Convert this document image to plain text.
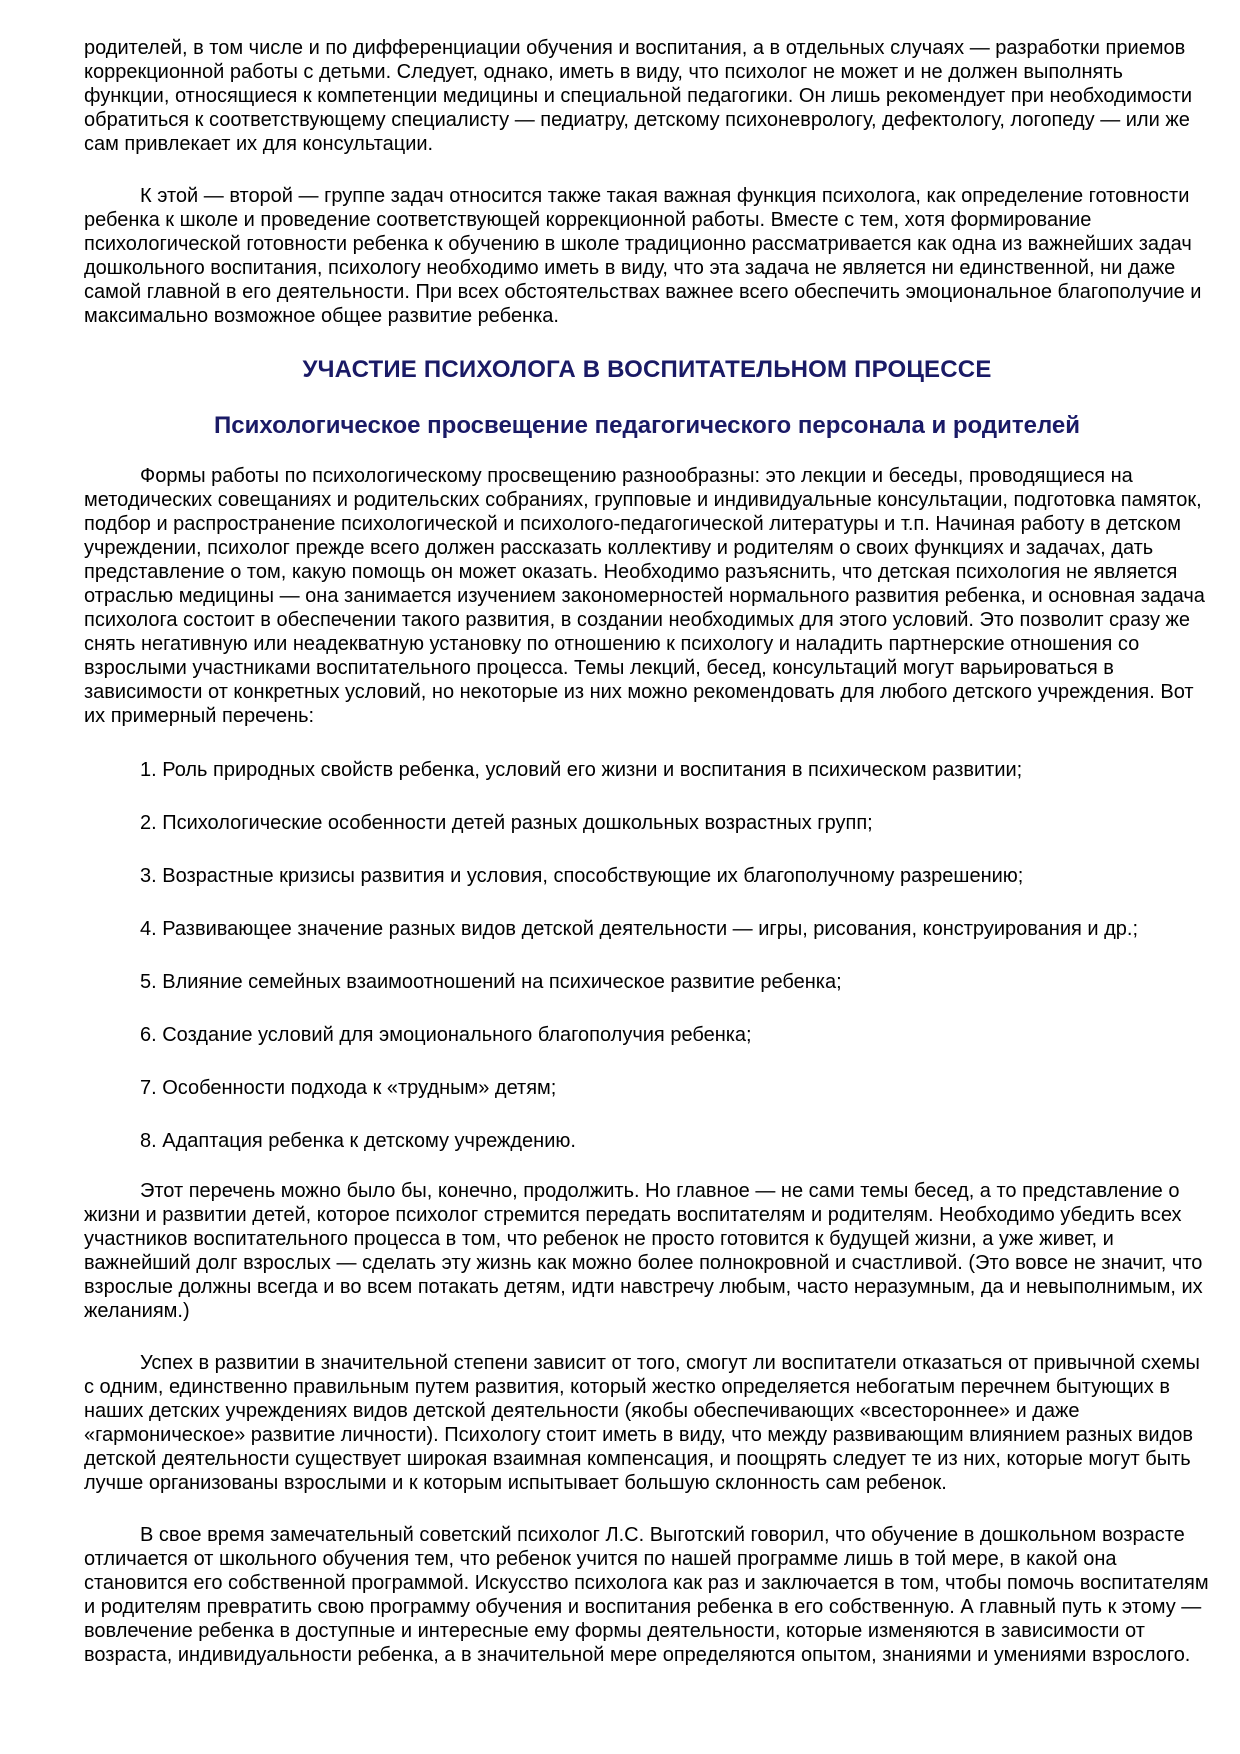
родителей, в том числе и по дифференциации обучения и воспитания, а в отдельных случаях — разработки приемов коррекционной работы с детьми. Следует, однако, иметь в виду, что психолог не может и не должен выполнять функции, относящиеся к компетенции медицины и специальной педагогики. Он лишь рекомендует при необходимости обратиться к соответствующему специалисту — педиатру, детскому психоневрологу, дефектологу, логопеду — или же сам привлекает их для консультации.

К этой — второй — группе задач относится также такая важная функция психолога, как определение готовности ребенка к школе и проведение соответствующей коррекционной работы. Вместе с тем, хотя формирование психологической готовности ребенка к обучению в школе традиционно рассматривается как одна из важнейших задач дошкольного воспитания, психологу необходимо иметь в виду, что эта задача не является ни единственной, ни даже самой главной в его деятельности. При всех обстоятельствах важнее всего обеспечить эмоциональное благополучие и максимально возможное общее развитие ребенка.

УЧАСТИЕ ПСИХОЛОГА В ВОСПИТАТЕЛЬНОМ ПРОЦЕССЕ
Психологическое просвещение педагогического персонала и родителей

Формы работы по психологическому просвещению разнообразны: это лекции и беседы, проводящиеся на методических совещаниях и родительских собраниях, групповые и индивидуальные консультации, подготовка памяток, подбор и распространение психологической и психолого-педагогической литературы и т.п. Начиная работу в детском учреждении, психолог прежде всего должен рассказать коллективу и родителям о своих функциях и задачах, дать представление о том, какую помощь он может оказать. Необходимо разъяснить, что детская психология не является отраслью медицины — она занимается изучением закономерностей нормального развития ребенка, и основная задача психолога состоит в обеспечении такого развития, в создании необходимых для этого условий. Это позволит сразу же снять негативную или неадекватную установку по отношению к психологу и наладить партнерские отношения со взрослыми участниками воспитательного процесса. Темы лекций, бесед, консультаций могут варьироваться в зависимости от конкретных условий, но некоторые из них можно рекомендовать для любого детского учреждения. Вот их примерный перечень:

1. Роль природных свойств ребенка, условий его жизни и воспитания в психическом развитии;
2. Психологические особенности детей разных дошкольных возрастных групп;
3. Возрастные кризисы развития и условия, способствующие их благополучному разрешению;
4. Развивающее значение разных видов детской деятельности — игры, рисования, конструирования и др.;
5. Влияние семейных взаимоотношений на психическое развитие ребенка;
6. Создание условий для эмоционального благополучия ребенка;
7. Особенности подхода к «трудным» детям;
8. Адаптация ребенка к детскому учреждению.

Этот перечень можно было бы, конечно, продолжить. Но главное — не сами темы бесед, а то представление о жизни и развитии детей, которое психолог стремится передать воспитателям и родителям. Необходимо убедить всех участников воспитательного процесса в том, что ребенок не просто готовится к будущей жизни, а уже живет, и важнейший долг взрослых — сделать эту жизнь как можно более полнокровной и счастливой. (Это вовсе не значит, что взрослые должны всегда и во всем потакать детям, идти навстречу любым, часто неразумным, да и невыполнимым, их желаниям.)

Успех в развитии в значительной степени зависит от того, смогут ли воспитатели отказаться от привычной схемы с одним, единственно правильным путем развития, который жестко определяется небогатым перечнем бытующих в наших детских учреждениях видов детской деятельности (якобы обеспечивающих «всестороннее» и даже «гармоническое» развитие личности). Психологу стоит иметь в виду, что между развивающим влиянием разных видов детской деятельности существует широкая взаимная компенсация, и поощрять следует те из них, которые могут быть лучше организованы взрослыми и к которым испытывает большую склонность сам ребенок.

В свое время замечательный советский психолог Л.С. Выготский говорил, что обучение в дошкольном возрасте отличается от школьного обучения тем, что ребенок учится по нашей программе лишь в той мере, в какой она становится его собственной программой. Искусство психолога как раз и заключается в том, чтобы помочь воспитателям и родителям превратить свою программу обучения и воспитания ребенка в его собственную. А главный путь к этому — вовлечение ребенка в доступные и интересные ему формы деятельности, которые изменяются в зависимости от возраста, индивидуальности ребенка, а в значительной мере определяются опытом, знаниями и умениями взрослого.
